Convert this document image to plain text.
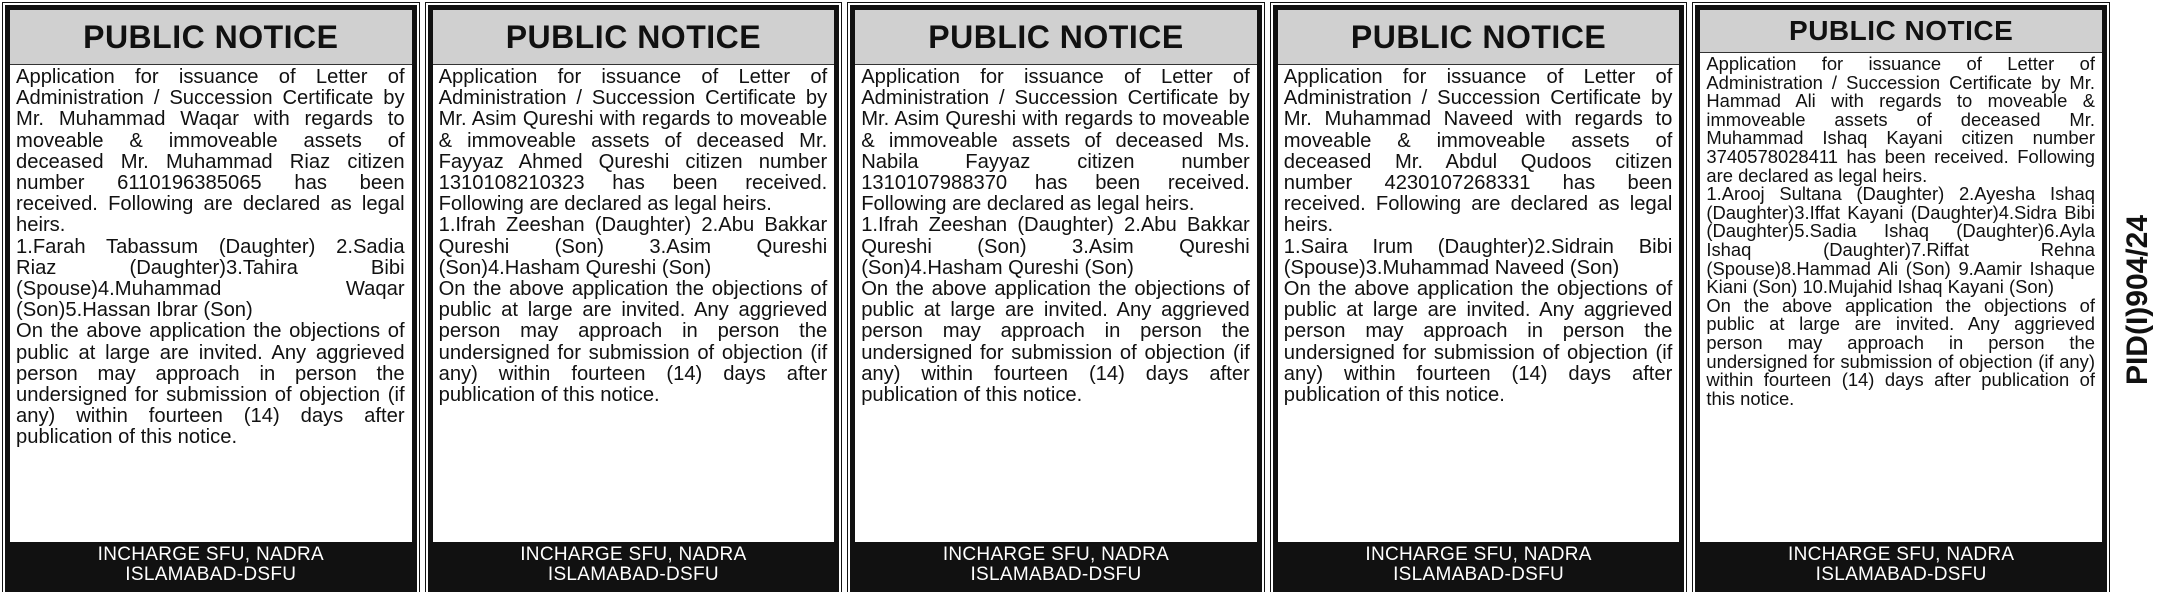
PUBLIC NOTICE

Application for issuance of Letter of Administration / Succession Certificate by Mr. Muhammad Waqar with regards to moveable & immoveable assets of deceased Mr. Muhammad Riaz citizen number 6110196385065 has been received. Following are declared as legal heirs.

1.Farah Tabassum (Daughter) 2.Sadia Riaz (Daughter)3.Tahira Bibi (Spouse)4.Muhammad Waqar (Son)5.Hassan Ibrar (Son)

On the above application the objections of public at large are invited. Any aggrieved person may approach in person the undersigned for submission of objection (if any) within fourteen (14) days after publication of this notice.

INCHARGE SFU, NADRA
ISLAMABAD-DSFU
PUBLIC NOTICE

Application for issuance of Letter of Administration / Succession Certificate by Mr. Asim Qureshi with regards to moveable & immoveable assets of deceased Mr. Fayyaz Ahmed Qureshi citizen number 1310108210323 has been received. Following are declared as legal heirs.

1.Ifrah Zeeshan (Daughter) 2.Abu Bakkar Qureshi (Son) 3.Asim Qureshi (Son)4.Hasham Qureshi (Son)

On the above application the objections of public at large are invited. Any aggrieved person may approach in person the undersigned for submission of objection (if any) within fourteen (14) days after publication of this notice.

INCHARGE SFU, NADRA
ISLAMABAD-DSFU
PUBLIC NOTICE

Application for issuance of Letter of Administration / Succession Certificate by Mr. Asim Qureshi with regards to moveable & immoveable assets of deceased Ms. Nabila Fayyaz citizen number 1310107988370 has been received. Following are declared as legal heirs.

1.Ifrah Zeeshan (Daughter) 2.Abu Bakkar Qureshi (Son) 3.Asim Qureshi (Son)4.Hasham Qureshi (Son)

On the above application the objections of public at large are invited. Any aggrieved person may approach in person the undersigned for submission of objection (if any) within fourteen (14) days after publication of this notice.

INCHARGE SFU, NADRA
ISLAMABAD-DSFU
PUBLIC NOTICE

Application for issuance of Letter of Administration / Succession Certificate by Mr. Muhammad Naveed with regards to moveable & immoveable assets of deceased Mr. Abdul Qudoos citizen number 4230107268331 has been received. Following are declared as legal heirs.

1.Saira Irum (Daughter)2.Sidrain Bibi (Spouse)3.Muhammad Naveed (Son)

On the above application the objections of public at large are invited. Any aggrieved person may approach in person the undersigned for submission of objection (if any) within fourteen (14) days after publication of this notice.

INCHARGE SFU, NADRA
ISLAMABAD-DSFU
PUBLIC NOTICE

Application for issuance of Letter of Administration / Succession Certificate by Mr. Hammad Ali with regards to moveable & immoveable assets of deceased Mr. Muhammad Ishaq Kayani citizen number 3740578028411 has been received. Following are declared as legal heirs.

1.Arooj Sultana (Daughter) 2.Ayesha Ishaq (Daughter)3.Iffat Kayani (Daughter)4.Sidra Bibi (Daughter)5.Sadia Ishaq (Daughter)6.Ayla Ishaq (Daughter)7.Riffat Rehna (Spouse)8.Hammad Ali (Son) 9.Aamir Ishaque Kiani (Son) 10.Mujahid Ishaq Kayani (Son)

On the above application the objections of public at large are invited. Any aggrieved person may approach in person the undersigned for submission of objection (if any) within fourteen (14) days after publication of this notice.

INCHARGE SFU, NADRA
ISLAMABAD-DSFU
PID(I)904/24
